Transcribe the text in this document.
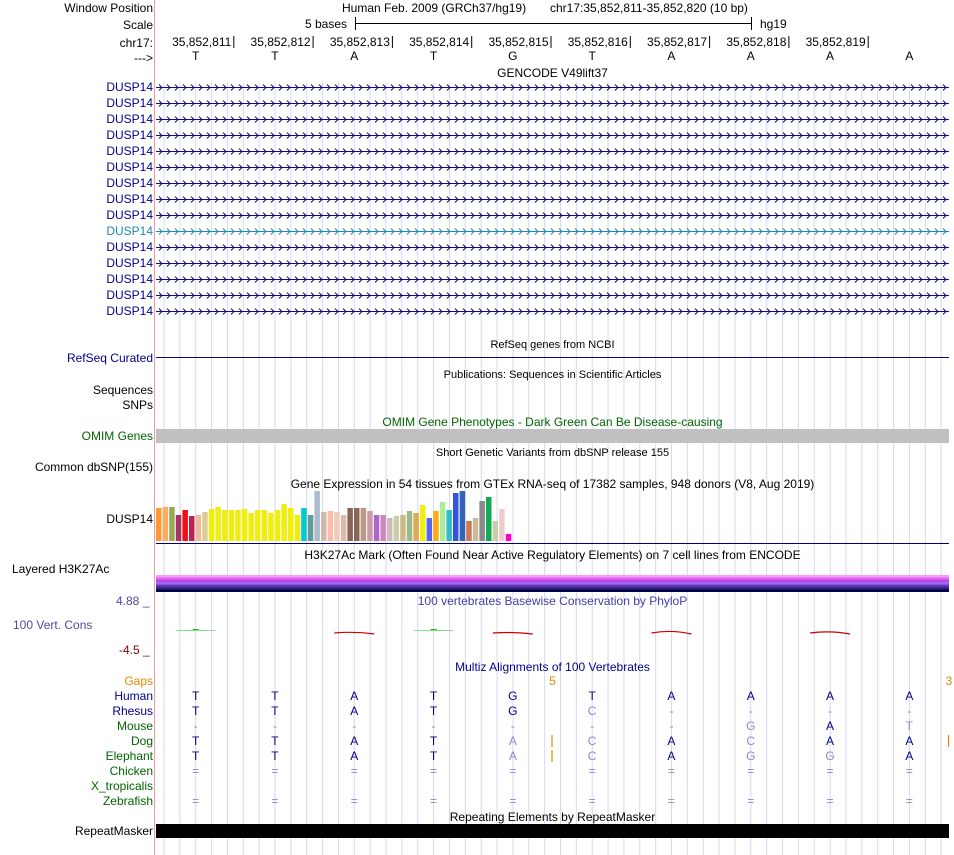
Window Position	Human Feb. 2009 (GRCh37/hg19) chr17:35,852,811-35,852,820 (10 bp)
Scale	5 bases	hg19
chr17:
--->
35,852,811	35,852,812	35,852,813	35,852,814	35,852,815	35,852,816	35,852,817	35,852,818	35,852,819
T	T	A	T	G	T	A	A	A	A
GENCODE V49lift37
DUSP14
DUSP14
DUSP14
DUSP14
DUSP14
DUSP14
DUSP14
DUSP14
DUSP14
DUSP14
DUSP14
DUSP14
DUSP14
DUSP14
DUSP14
RefSeq genes from NCBI
RefSeq Curated
Publications: Sequences in Scientific Articles
Sequences
SNPs
OMIM Gene Phenotypes - Dark Green Can Be Disease-causing
OMIM Genes
Short Genetic Variants from dbSNP release 155
Common dbSNP(155)
Gene Expression in 54 tissues from GTEx RNA-seq of 17382 samples, 948 donors (V8, Aug 2019)
DUSP14
H3K27Ac Mark (Often Found Near Active Regulatory Elements) on 7 cell lines from ENCODE
Layered H3K27Ac
4.88 _	100 vertebrates Basewise Conservation by PhyloP
100 Vert. Cons
-4.5 _
Multiz Alignments of 100 Vertebrates
Gaps	5	3
Human	T	T	A	T	G	T	A	A	A	A
Rhesus	T	T	A	T	G	C	-	-	-	-
Mouse	-	-	-	-	-	-	-	G	A	T
Dog	T	T	A	T	A	C	A	C	A	A
Elephant	T	T	A	T	A	C	A	G	G	A
Chicken	=	=	=	=	=	=	=	=	=	=
X_tropicalis
Zebrafish	=	=	=	=	=	=	=	=	=	=
Repeating Elements by RepeatMasker
RepeatMasker
